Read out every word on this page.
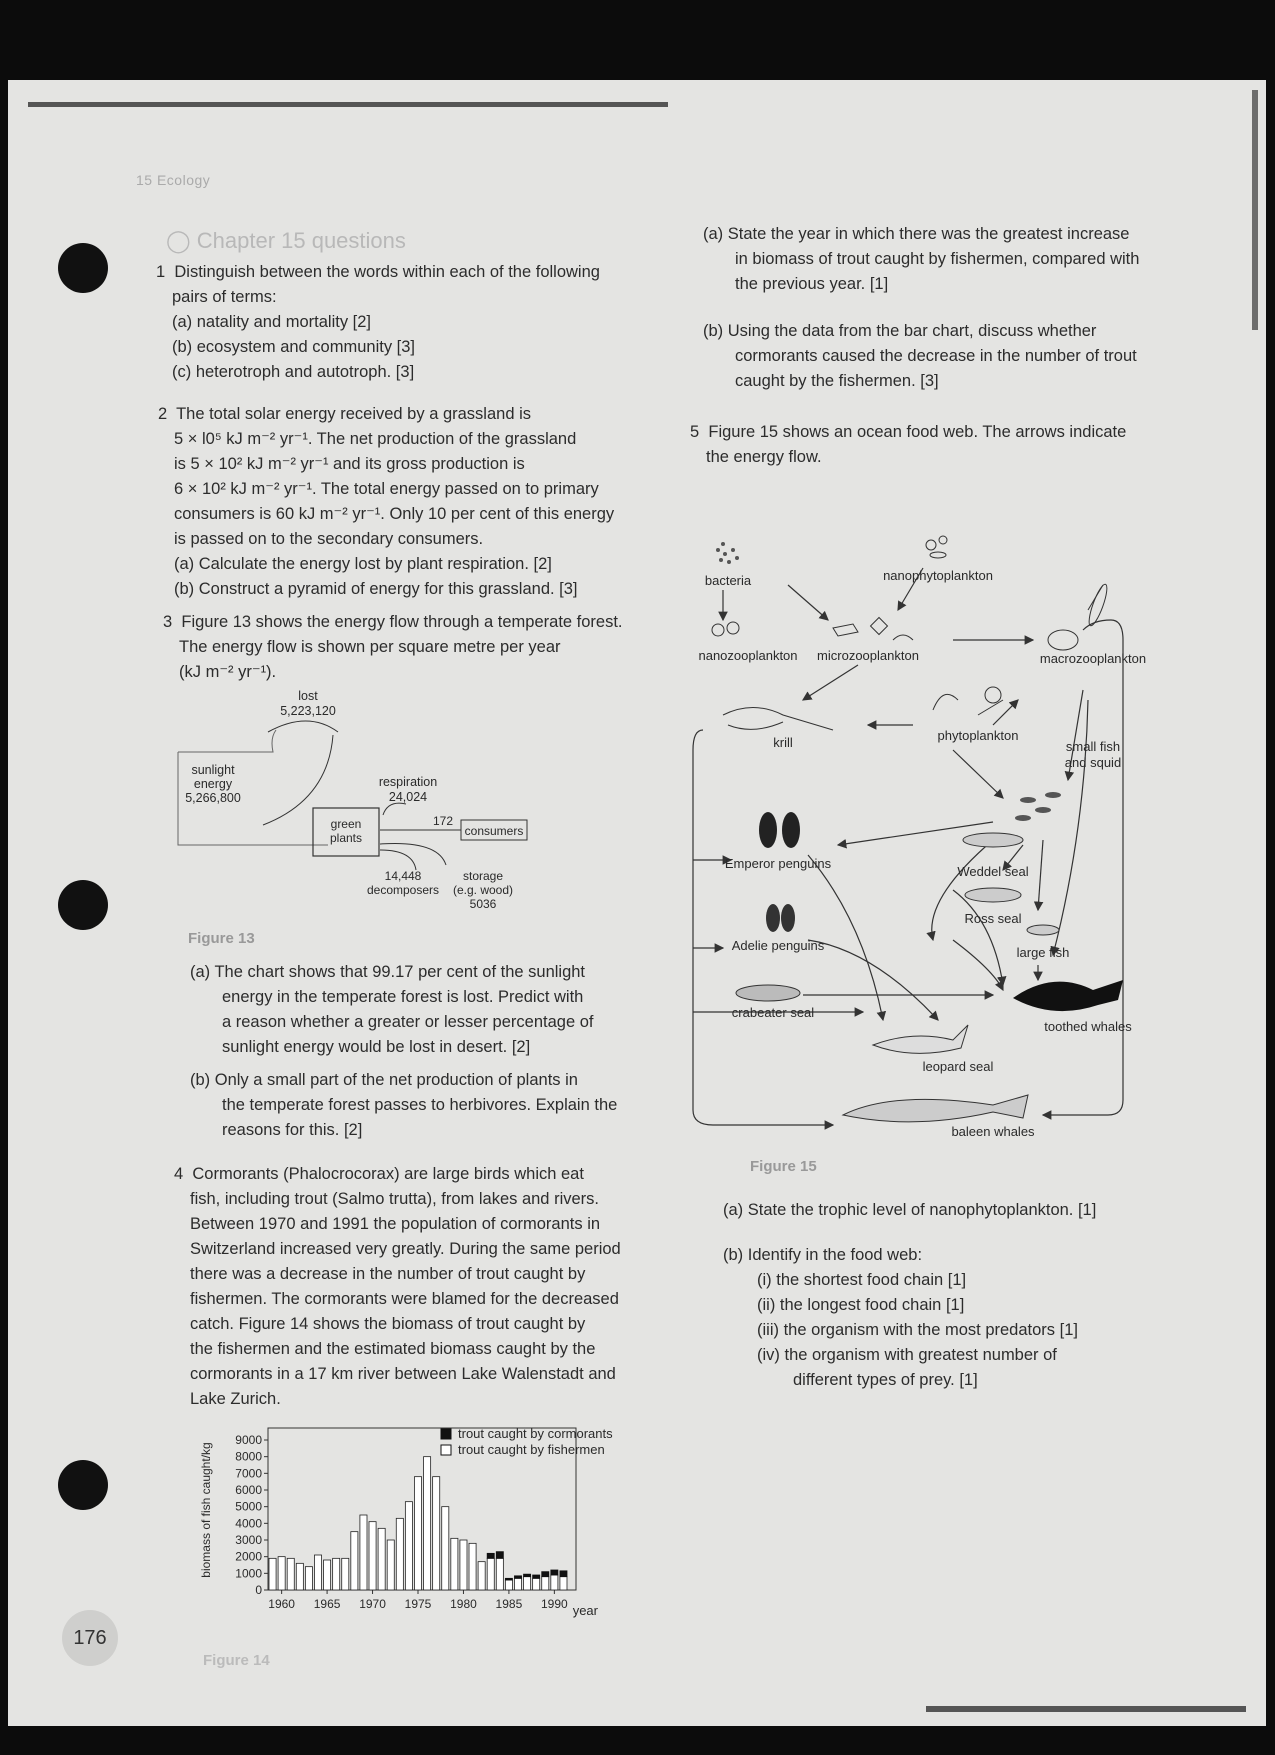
176
15 Ecology
◯ Chapter 15 questions

1 Distinguish between the words within each of the following

pairs of terms:

(a) natality and mortality [2]

(b) ecosystem and community [3]

(c) heterotroph and autotroph. [3]

2 The total solar energy received by a grassland is

5 × l0⁵ kJ m⁻² yr⁻¹. The net production of the grassland

is 5 × 10² kJ m⁻² yr⁻¹ and its gross production is

6 × 10² kJ m⁻² yr⁻¹. The total energy passed on to primary

consumers is 60 kJ m⁻² yr⁻¹. Only 10 per cent of this energy

is passed on to the secondary consumers.

(a) Calculate the energy lost by plant respiration. [2]

(b) Construct a pyramid of energy for this grassland. [3]

3 Figure 13 shows the energy flow through a temperate forest.

The energy flow is shown per square metre per year

(kJ m⁻² yr⁻¹).

lost
5,223,120
sunlight
energy
5,266,800
green
plants
respiration
24,024
172
consumers
14,448
decomposers
storage
(e.g. wood)
5036
Figure 13

(a) The chart shows that 99.17 per cent of the sunlight

energy in the temperate forest is lost. Predict with

a reason whether a greater or lesser percentage of

sunlight energy would be lost in desert. [2]

(b) Only a small part of the net production of plants in

the temperate forest passes to herbivores. Explain the

reasons for this. [2]

4 Cormorants (Phalocrocorax) are large birds which eat

fish, including trout (Salmo trutta), from lakes and rivers.

Between 1970 and 1991 the population of cormorants in

Switzerland increased very greatly. During the same period

there was a decrease in the number of trout caught by

fishermen. The cormorants were blamed for the decreased

catch. Figure 14 shows the biomass of trout caught by

the fishermen and the estimated biomass caught by the

cormorants in a 17 km river between Lake Walenstadt and

Lake Zurich.

0
1000
2000
3000
4000
5000
6000
7000
8000
9000
1960 1965 1970 1975 1980 1985 1990
trout caught by cormorants
trout caught by fishermen
biomass of fish caught/kg
year
Figure 14

(a) State the year in which there was the greatest increase

in biomass of trout caught by fishermen, compared with

the previous year. [1]

(b) Using the data from the bar chart, discuss whether

cormorants caused the decrease in the number of trout

caught by the fishermen. [3]

5 Figure 15 shows an ocean food web. The arrows indicate

the energy flow.

bacteria	nanophytoplankton
nanozooplankton microzooplankton	macrozooplankton
krill	phytoplankton
small fish
and squid
Emperor penguins
Weddel seal
Ross seal
Adelie penguins	large fish
crabeater seal
toothed whales
leopard seal
baleen whales
Figure 15

(a) State the trophic level of nanophytoplankton. [1]

(b) Identify in the food web:

(i) the shortest food chain [1]

(ii) the longest food chain [1]

(iii) the organism with the most predators [1]

(iv) the organism with greatest number of

different types of prey. [1]
